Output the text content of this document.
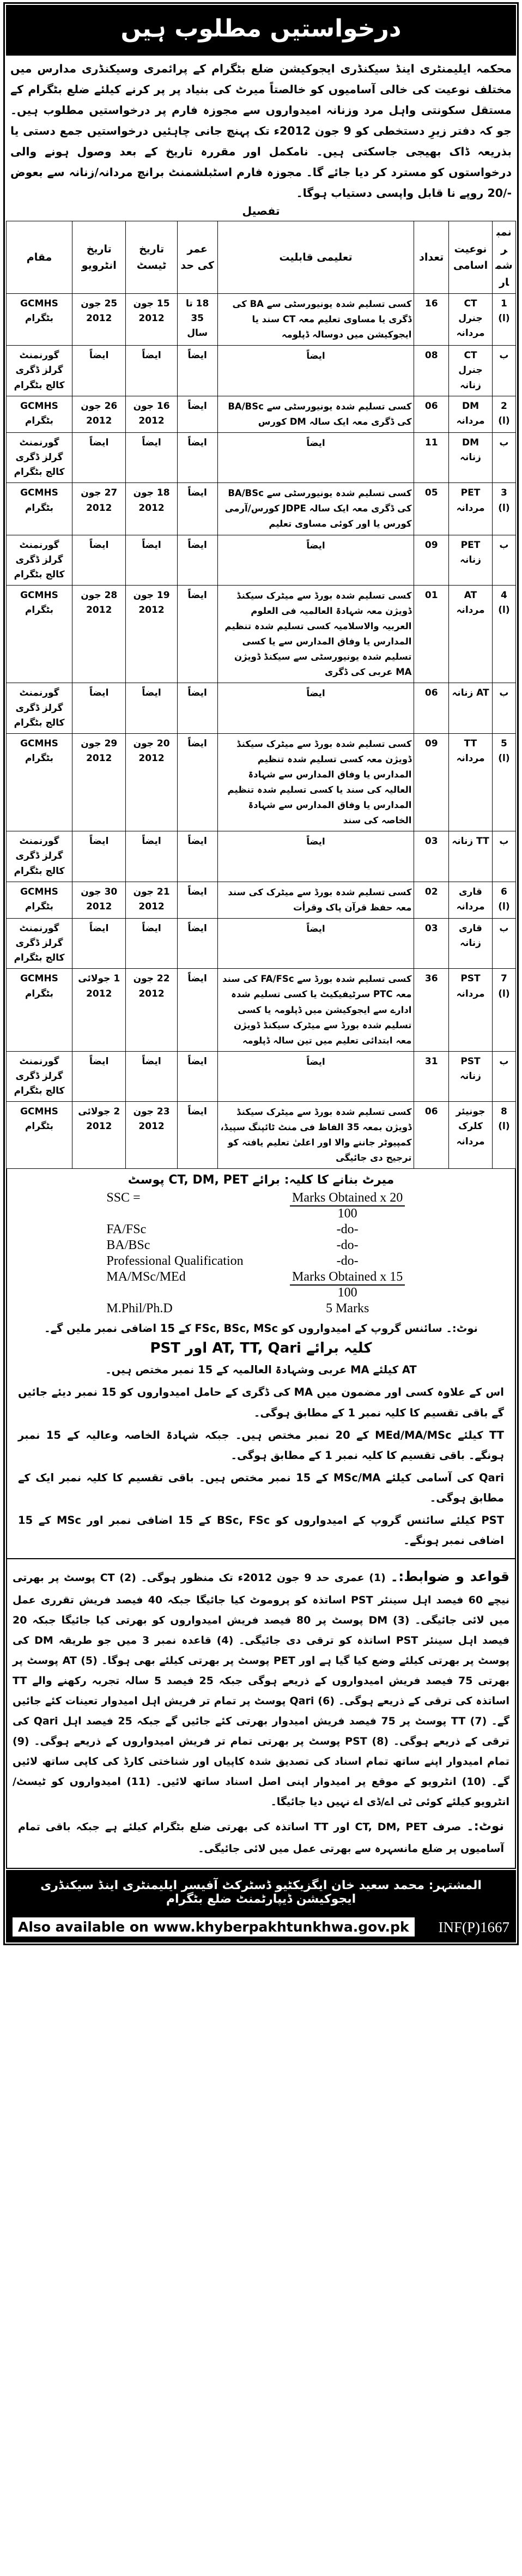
درخواستیں مطلوب ہیں
محکمہ ایلیمنٹری اینڈ سیکنڈری ایجوکیشن ضلع بٹگرام کے پرائمری وسیکنڈری مدارس میں مختلف نوعیت کی خالی آسامیوں کو خالصتاً میرٹ کی بنیاد پر پر کرنے کیلئے ضلع بٹگرام کے مستقل سکونتی واہل مرد وزنانہ امیدواروں سے مجوزہ فارم پر درخواستیں مطلوب ہیں۔ جو کہ دفتر زیرِ دستخطی کو 9 جون 2012ء تک پہنچ جانی چاہئیں درخواستیں جمع دستی یا بذریعہ ڈاک بھیجی جاسکتی ہیں۔ نامکمل اور مقررہ تاریخ کے بعد وصول ہونے والی درخواستوں کو مسترد کر دیا جائے گا۔ مجوزہ فارم اسٹبلشمنٹ برانچ مردانہ/زنانہ سے بعوض -/20 روپے نا قابل واپسی دستیاب ہوگا۔
تفصیل
نمبر شمار	نوعیت اسامی	تعداد	تعلیمی قابلیت	عمر کی حد	تاریخ ٹیسٹ	تاریخ انٹرویو	مقام
1 (ا)	CT جنرل مردانہ	16	کسی تسلیم شدہ یونیورسٹی سے BA کی ڈگری یا مساوی تعلیم معہ CT سند یا ایجوکیشن میں دوسالہ ڈپلومہ	18 تا 35 سال	15 جون 2012	25 جون 2012	GCMHS بٹگرام
ب	CT جنرل زنانہ	08	ایضاً	ایضاً	ایضاً	ایضاً	گورنمنٹ گرلز ڈگری کالج بٹگرام
2 (ا)	DM مردانہ	06	کسی تسلیم شدہ یونیورسٹی سے BA/BSc کی ڈگری معہ ایک سالہ DM کورس	ایضاً	16 جون 2012	26 جون 2012	GCMHS بٹگرام
ب	DM زنانہ	11	ایضاً	ایضاً	ایضاً	ایضاً	گورنمنٹ گرلز ڈگری کالج بٹگرام
3 (ا)	PET مردانہ	05	کسی تسلیم شدہ یونیورسٹی سے BA/BSc کی ڈگری معہ ایک سالہ JDPE کورس/آرمی کورس یا اور کوئی مساوی تعلیم	ایضاً	18 جون 2012	27 جون 2012	GCMHS بٹگرام
ب	PET زنانہ	09	ایضاً	ایضاً	ایضاً	ایضاً	گورنمنٹ گرلز ڈگری کالج بٹگرام
4 (ا)	AT مردانہ	01	کسی تسلیم شدہ بورڈ سے میٹرک سیکنڈ ڈویژن معہ شہادۃ العالمیہ فی العلوم العربیہ والاسلامیہ کسی تسلیم شدہ تنظیم المدارس یا وفاق المدارس سے یا کسی تسلیم شدہ یونیورسٹی سے سیکنڈ ڈویژن MA عربی کی ڈگری	ایضاً	19 جون 2012	28 جون 2012	GCMHS بٹگرام
ب	AT زنانہ	06	ایضاً	ایضاً	ایضاً	ایضاً	گورنمنٹ گرلز ڈگری کالج بٹگرام
5 (ا)	TT مردانہ	09	کسی تسلیم شدہ بورڈ سے میٹرک سیکنڈ ڈویژن معہ کسی تسلیم شدہ تنظیم المدارس یا وفاق المدارس سے شہادۃ العالیہ کی سند یا کسی تسلیم شدہ تنظیم المدارس یا وفاق المدارس سے شہادۃ الخاصہ کی سند	ایضاً	20 جون 2012	29 جون 2012	GCMHS بٹگرام
ب	TT زنانہ	03	ایضاً	ایضاً	ایضاً	ایضاً	گورنمنٹ گرلز ڈگری کالج بٹگرام
6 (ا)	قاری مردانہ	02	کسی تسلیم شدہ بورڈ سے میٹرک کی سند معہ حفظ قرآن پاک وقرأت	ایضاً	21 جون 2012	30 جون 2012	GCMHS بٹگرام
ب	قاری زنانہ	03	ایضاً	ایضاً	ایضاً	ایضاً	گورنمنٹ گرلز ڈگری کالج بٹگرام
7 (ا)	PST مردانہ	36	کسی تسلیم شدہ بورڈ سے FA/FSc کی سند معہ PTC سرٹیفیکیٹ یا کسی تسلیم شدہ ادارے سے ایجوکیشن میں ڈپلومہ یا کسی تسلیم شدہ بورڈ سے میٹرک سیکنڈ ڈویژن معہ ابتدائی تعلیم میں تین سالہ ڈپلومہ	ایضاً	22 جون 2012	1 جولائی 2012	GCMHS بٹگرام
ب	PST زنانہ	31	ایضاً	ایضاً	ایضاً	ایضاً	گورنمنٹ گرلز ڈگری کالج بٹگرام
8 (ا)	جونیئر کلرک مردانہ	06	کسی تسلیم شدہ بورڈ سے میٹرک سیکنڈ ڈویژن بمعہ 35 الفاظ فی منٹ ٹائپنگ سپیڈ، کمپیوٹر جاننے والا اور اعلیٰ تعلیم یافتہ کو ترجیح دی جائیگی	ایضاً	23 جون 2012	2 جولائی 2012	GCMHS بٹگرام
میرٹ بنانے کا کلیہ: برائے CT, DM, PET پوسٹ
SSC =	$\frac{\text{Marks Obtained x 20}}{100}$

FA/FSc	-do-
BA/BSc	-do-
Professional Qualification	-do-
MA/MSc/MEd	$\frac{\text{Marks Obtained x 15}}{100}$

M.Phil/Ph.D	5 Marks
نوٹ:۔ سائنس گروپ کے امیدواروں کو FSc, BSc, MSc کے 15 اضافی نمبر ملیں گے۔
کلیہ برائے AT, TT, Qari اور PST
AT کیلئے MA عربی وشہادۃ العالمیہ کے 15 نمبر مختص ہیں۔
اس کے علاوہ کسی اور مضمون میں MA کی ڈگری کے حامل امیدواروں کو 15 نمبر دیئے جائیں گے باقی تقسیم کا کلیہ نمبر 1 کے مطابق ہوگی۔
TT کیلئے MEd/MA/MSc کے 20 نمبر مختص ہیں۔ جبکہ شہادۃ الخاصہ وعالیہ کے 15 نمبر ہونگے۔ باقی تقسیم کا کلیہ نمبر 1 کے مطابق ہوگی۔
Qari کی آسامی کیلئے MSc/MA کے 15 نمبر مختص ہیں۔ باقی تقسیم کا کلیہ نمبر ایک کے مطابق ہوگی۔
PST کیلئے سائنس گروپ کے امیدواروں کو BSc, FSc کے 15 اضافی نمبر اور MSc کے 15 اضافی نمبر ہونگے۔
قواعد و ضوابط:۔ (1) عمری حد 9 جون 2012ء تک منظور ہوگی۔ (2) CT پوسٹ پر بھرتی نیچے 60 فیصد اہل سینئر PST اساتذہ کو پروموٹ کیا جائیگا جبکہ 40 فیصد فریش تقرری عمل میں لائی جائیگی۔ (3) DM پوسٹ پر 80 فیصد فریش امیدواروں کو بھرتی کیا جائیگا جبکہ 20 فیصد اہل سینئر PST اساتذہ کو ترقی دی جائیگی۔ (4) قاعدہ نمبر 3 میں جو طریقہ DM کی پوسٹ پر بھرتی کیلئے وضع کیا گیا ہے اور PET پوسٹ پر بھرتی کیلئے بھی ہوگا۔ (5) AT پوسٹ پر بھرتی 75 فیصد فریش امیدواروں کے ذریعے ہوگی جبکہ 25 فیصد 5 سالہ تجربہ رکھنے والے TT اساتذہ کی ترقی کے ذریعے ہوگی۔ (6) Qari پوسٹ پر تمام تر فریش اہل امیدوار تعینات کئے جائیں گے۔ (7) TT پوسٹ پر 75 فیصد فریش امیدوار بھرتی کئے جائیں گے جبکہ 25 فیصد اہل Qari کی ترقی کے ذریعے ہوگی۔ (8) PST پوسٹ پر بھرتی تمام تر فریش امیدواروں کے ذریعے ہوگی۔ (9) تمام امیدوار اپنے ساتھ تمام اسناد کی تصدیق شدہ کاپیاں اور شناختی کارڈ کی کاپی ساتھ لائیں گے۔ (10) انٹرویو کے موقع پر امیدوار اپنی اصل اسناد ساتھ لائیں۔ (11) امیدواروں کو ٹیسٹ/انٹرویو کیلئے کوئی ٹی اے/ڈی اے نہیں دیا جائیگا۔
نوٹ:۔ صرف CT, DM, PET اور TT اساتذہ کی بھرتی ضلع بٹگرام کیلئے ہے جبکہ باقی تمام آسامیوں پر ضلع مانسہرہ سے بھرتی عمل میں لائی جائیگی۔
المشتہر: محمد سعید خان ایگزیکٹیو ڈسٹرکٹ آفیسر ایلیمنٹری اینڈ سیکنڈری ایجوکیشن ڈیپارٹمنٹ ضلع بٹگرام
Also available on www.khyberpakhtunkhwa.gov.pk	INF(P)1667
